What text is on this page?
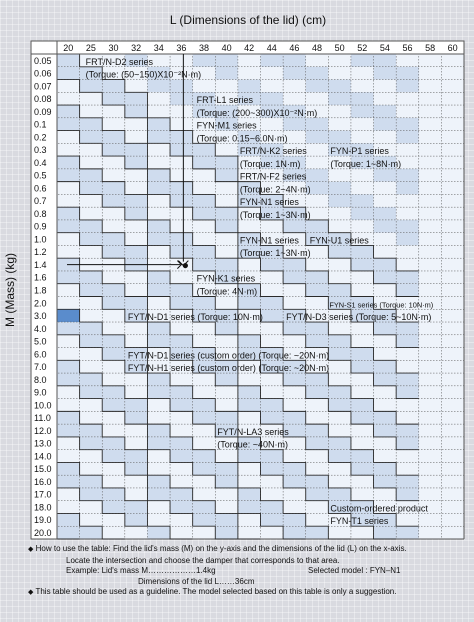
20 25 30 32 34 36 38 40 42 44 46 48 50 52 54 56 58 60
0.05
0.06
0.07
0.08
0.09
0.1
0.2
0.3
0.4
0.5
0.6
0.7
0.8
0.9
1.0
1.2
1.4
1.6
1.8
2.0
3.0
4.0
5.0
6.0
7.0
8.0
9.0
10.0
11.0
12.0
13.0
14.0
15.0
16.0
17.0
18.0
19.0
20.0
L (Dimensions of the lid) (cm)
M (Mass) (kg)
FRT/N-D2 series
(Torque: (50~150)X10⁻²N·m)
FRT-L1 series
(Torque: (200~300)X10⁻²N·m)
FYN-M1 series
(Torque: 0.15~6.0N·m)
FRT/N-K2 series
(Torque: 1N·m)
FYN-P1 series
(Torque: 1~8N·m)
FRT/N-F2 series
(Torque: 2~4N·m)
FYN-N1 series
(Torque: 1~3N·m)
FYN-U1 series
FYN-N1 series
(Torque: 1~3N·m)
FYN-K1 series
(Torque: 4N·m)
FYN-S1 series (Torque: 10N·m)
FYT/N-D1 series (Torque: 10N·m)	FYT/N-D3 series (Torque: 5~10N·m)
FYT/N-D1 series (custom order) (Torque: ~20N·m)
FYT/N-H1 series (custom order) (Torque: ~20N·m)
FYT/N-LA3 series
(Torque: ~40N·m)
Custom-ordered product
FYN-T1 series
◆ How to use the table: Find the lid's mass (M) on the y-axis and the dimensions of the lid (L) on the x-axis.
Locate the intersection and choose the damper that corresponds to that area.
Example: Lid's mass M………………1.4kg	Selected model : FYN–N1
Dimensions of the lid L……36cm
◆ This table should be used as a guideline. The model selected based on this table is only a suggestion.
